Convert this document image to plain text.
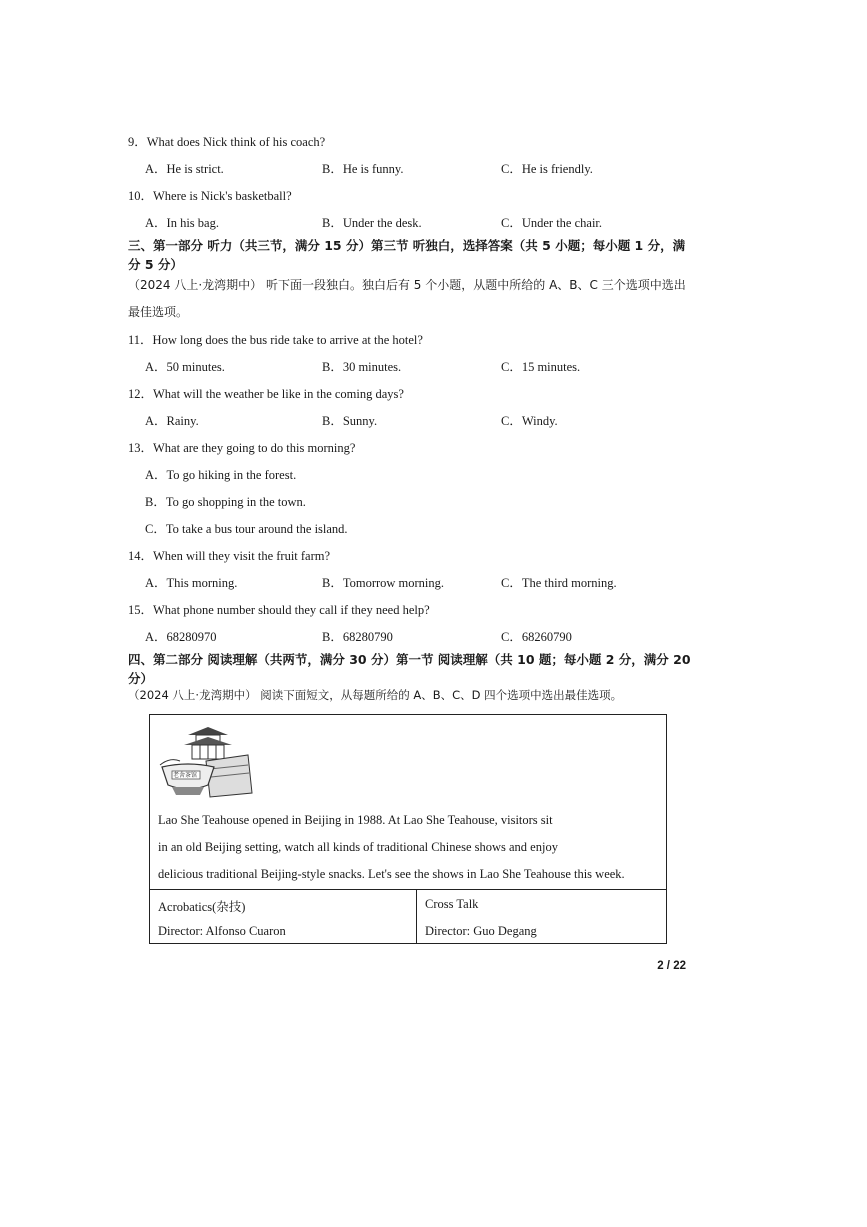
9．What does Nick think of his coach?
A．He is strict.	B．He is funny.	C．He is friendly.
10．Where is Nick's basketball?
A．In his bag.	B．Under the desk.	C．Under the chair.
三、第一部分 听力（共三节，满分 15 分）第三节 听独白，选择答案（共 5 小题；每小题 1 分，满分 5 分）
（2024 八上·龙湾期中） 听下面一段独白。独白后有 5 个小题，从题中所给的 A、B、C 三个选项中选出最佳选项。
11．How long does the bus ride take to arrive at the hotel?
A．50 minutes.	B．30 minutes.	C．15 minutes.
12．What will the weather be like in the coming days?
A．Rainy.	B．Sunny.	C．Windy.
13．What are they going to do this morning?
A．To go hiking in the forest.
B．To go shopping in the town.
C．To take a bus tour around the island.
14．When will they visit the fruit farm?
A．This morning.	B．Tomorrow morning.	C．The third morning.
15．What phone number should they call if they need help?
A．68280970	B．68280790	C．68260790
四、第二部分 阅读理解（共两节，满分 30 分）第一节 阅读理解（共 10 题；每小题 2 分，满分 20 分）
（2024 八上·龙湾期中） 阅读下面短文，从每题所给的 A、B、C、D 四个选项中选出最佳选项。
老舍茶馆
Lao She Teahouse opened in Beijing in 1988. At Lao She Teahouse, visitors sit
in an old Beijing setting, watch all kinds of traditional Chinese shows and enjoy
delicious traditional Beijing-style snacks. Let's see the shows in Lao She Teahouse this week.
Acrobatics(杂技)
Director: Alfonso Cuaron
Cross Talk
Director: Guo Degang
2 / 22
